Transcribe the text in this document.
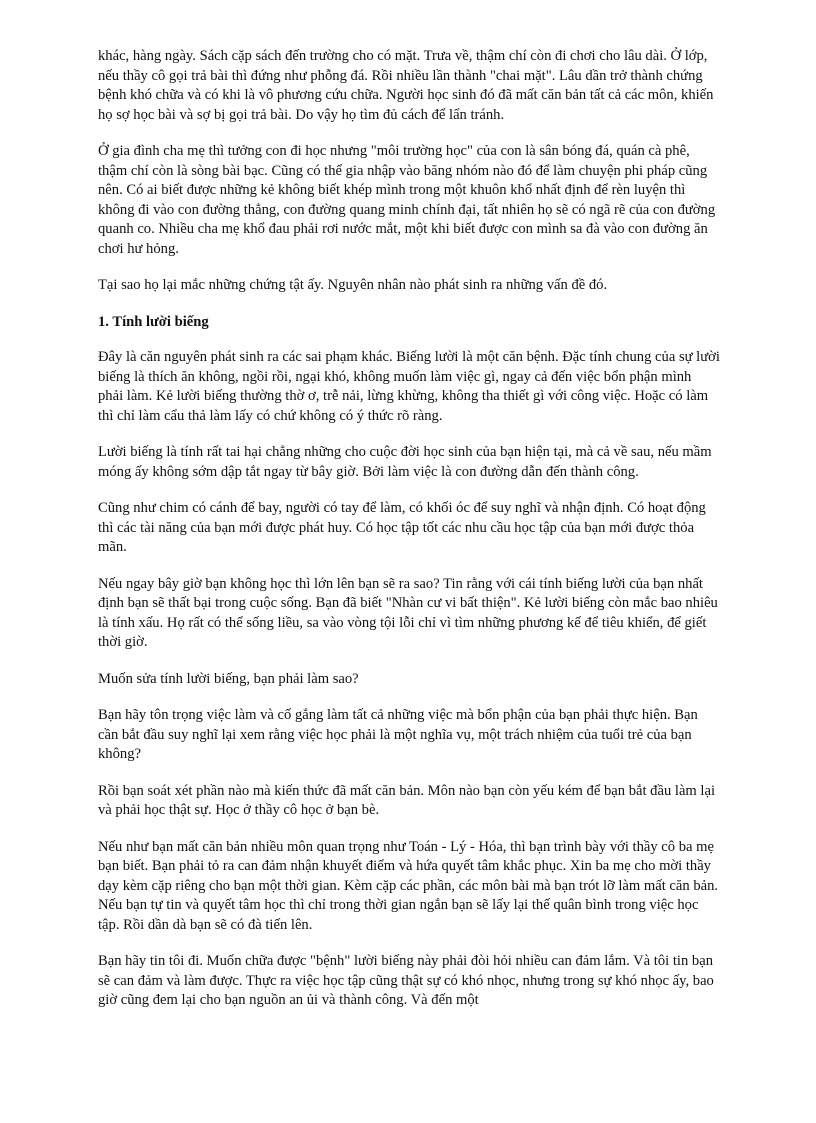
khác, hàng ngày. Sách cặp sách đến trường cho có mặt. Trưa về, thậm chí còn đi chơi cho lâu dài. Ở lớp, nếu thầy cô gọi trả bài thì đứng như phỗng đá. Rồi nhiều lần thành "chai mặt". Lâu dần trở thành chứng bệnh khó chữa và có khi là vô phương cứu chữa. Người học sinh đó đã mất căn bản tất cả các môn, khiến họ sợ học bài và sợ bị gọi trả bài. Do vậy họ tìm đủ cách để lẩn tránh.

Ở gia đình cha mẹ thì tưởng con đi học nhưng "môi trường học" của con là sân bóng đá, quán cà phê, thậm chí còn là sòng bài bạc. Cũng có thể gia nhập vào băng nhóm nào đó để làm chuyện phi pháp cũng nên. Có ai biết được những kẻ không biết khép mình trong một khuôn khổ nhất định để rèn luyện thì không đi vào con đường thẳng, con đường quang minh chính đại, tất nhiên họ sẽ có ngã rẽ của con đường quanh co. Nhiều cha mẹ khổ đau phải rơi nước mắt, một khi biết được con mình sa đà vào con đường ăn chơi hư hỏng.

Tại sao họ lại mắc những chứng tật ấy. Nguyên nhân nào phát sinh ra những vấn đề đó.

1. Tính lười biếng

Đây là căn nguyên phát sinh ra các sai phạm khác. Biếng lười là một căn bệnh. Đặc tính chung của sự lười biếng là thích ăn không, ngồi rồi, ngại khó, không muốn làm việc gì, ngay cả đến việc bổn phận mình phải làm. Kẻ lười biếng thường thờ ơ, trễ nải, lừng khừng, không tha thiết gì với công việc. Hoặc có làm thì chỉ làm cẩu thả làm lấy có chứ không có ý thức rõ ràng.

Lười biếng là tính rất tai hại chẳng những cho cuộc đời học sinh của bạn hiện tại, mà cả về sau, nếu mầm móng ấy không sớm dập tắt ngay từ bây giờ. Bởi làm việc là con đường dẫn đến thành công.

Cũng như chim có cánh để bay, người có tay để làm, có khối óc để suy nghĩ và nhận định. Có hoạt động thì các tài năng của bạn mới được phát huy. Có học tập tốt các nhu cầu học tập của bạn mới được thỏa mãn.

Nếu ngay bây giờ bạn không học thì lớn lên bạn sẽ ra sao? Tin rằng với cái tính biếng lười của bạn nhất định bạn sẽ thất bại trong cuộc sống. Bạn đã biết "Nhàn cư vi bất thiện". Kẻ lười biếng còn mắc bao nhiêu là tính xấu. Họ rất có thể sống liều, sa vào vòng tội lỗi chỉ vì tìm những phương kế để tiêu khiển, để giết thời giờ.

Muốn sửa tính lười biếng, bạn phải làm sao?

Bạn hãy tôn trọng việc làm và cố gắng làm tất cả những việc mà bổn phận của bạn phải thực hiện. Bạn cần bắt đầu suy nghĩ lại xem rằng việc học phải là một nghĩa vụ, một trách nhiệm của tuổi trẻ của bạn không?

Rồi bạn soát xét phần nào mà kiến thức đã mất căn bản. Môn nào bạn còn yếu kém để bạn bắt đầu làm lại và phải học thật sự. Học ở thầy cô học ở bạn bè.

Nếu như bạn mất căn bản nhiều môn quan trọng như Toán - Lý - Hóa, thì bạn trình bày với thầy cô ba mẹ bạn biết. Bạn phải tỏ ra can đảm nhận khuyết điểm và hứa quyết tâm khắc phục. Xin ba mẹ cho mời thầy dạy kèm cặp riêng cho bạn một thời gian. Kèm cặp các phần, các môn bài mà bạn trót lỡ làm mất căn bản. Nếu bạn tự tin và quyết tâm học thì chỉ trong thời gian ngắn bạn sẽ lấy lại thế quân bình trong việc học tập. Rồi dần dà bạn sẽ có đà tiến lên.

Bạn hãy tin tôi đi. Muốn chữa được "bệnh" lười biếng này phải đòi hỏi nhiều can đảm lắm. Và tôi tin bạn sẽ can đảm và làm được. Thực ra việc học tập cũng thật sự có khó nhọc, nhưng trong sự khó nhọc ấy, bao giờ cũng đem lại cho bạn nguồn an ủi và thành công. Và đến một
